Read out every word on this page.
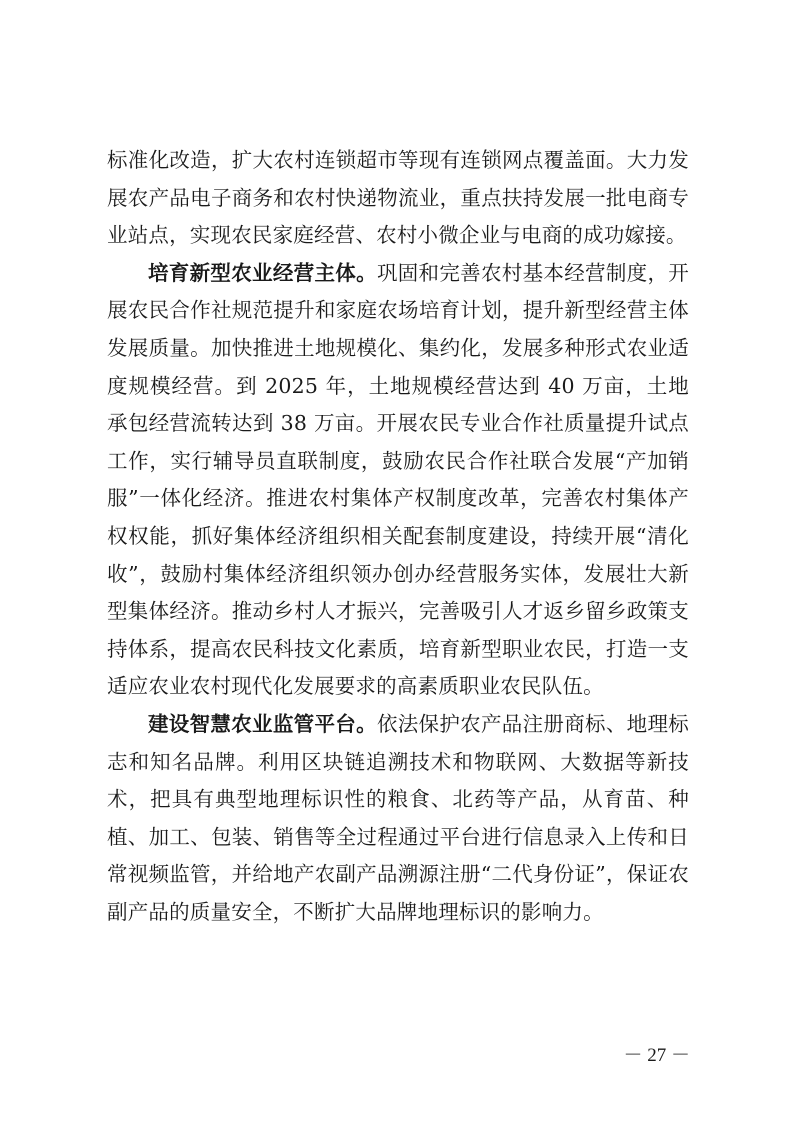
标准化改造，扩大农村连锁超市等现有连锁网点覆盖面。大力发展农产品电子商务和农村快递物流业，重点扶持发展一批电商专业站点，实现农民家庭经营、农村小微企业与电商的成功嫁接。

培育新型农业经营主体。巩固和完善农村基本经营制度，开展农民合作社规范提升和家庭农场培育计划，提升新型经营主体发展质量。加快推进土地规模化、集约化，发展多种形式农业适度规模经营。到 2025 年，土地规模经营达到 40 万亩，土地承包经营流转达到 38 万亩。开展农民专业合作社质量提升试点工作，实行辅导员直联制度，鼓励农民合作社联合发展“产加销服”一体化经济。推进农村集体产权制度改革，完善农村集体产权权能，抓好集体经济组织相关配套制度建设，持续开展“清化收”，鼓励村集体经济组织领办创办经营服务实体，发展壮大新型集体经济。推动乡村人才振兴，完善吸引人才返乡留乡政策支持体系，提高农民科技文化素质，培育新型职业农民，打造一支适应农业农村现代化发展要求的高素质职业农民队伍。

建设智慧农业监管平台。依法保护农产品注册商标、地理标志和知名品牌。利用区块链追溯技术和物联网、大数据等新技术，把具有典型地理标识性的粮食、北药等产品，从育苗、种植、加工、包装、销售等全过程通过平台进行信息录入上传和日常视频监管，并给地产农副产品溯源注册“二代身份证”，保证农副产品的质量安全，不断扩大品牌地理标识的影响力。

－ 27 －
